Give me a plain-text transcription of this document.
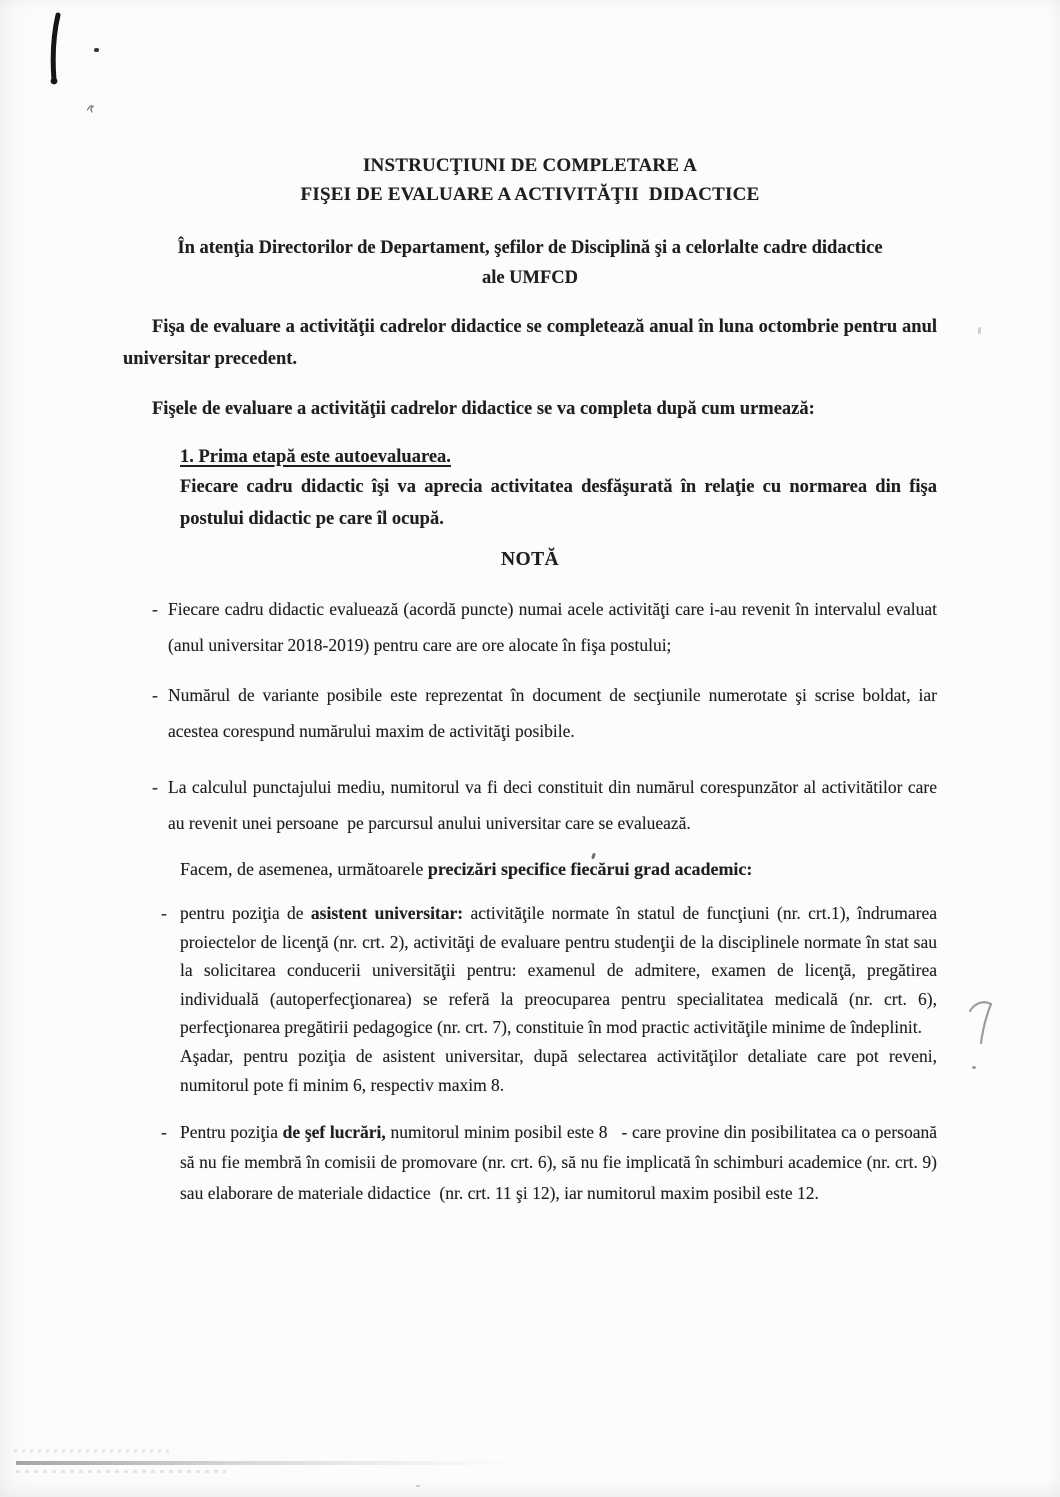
INSTRUCŢIUNI DE COMPLETARE A
FIŞEI DE EVALUARE A ACTIVITĂŢII  DIDACTICE
În atenţia Directorilor de Departament, şefilor de Disciplină şi a celorlalte cadre didactice
ale UMFCD

Fişa de evaluare a activităţii cadrelor didactice se completează anual în luna octombrie pentru anul universitar precedent.

Fişele de evaluare a activităţii cadrelor didactice se va completa după cum urmează:

1. Prima etapă este autoevaluarea.

Fiecare cadru didactic îşi va aprecia activitatea desfăşurată în relaţie cu normarea din fişa postului didactic pe care îl ocupă.

NOTĂ
- Fiecare cadru didactic evaluează (acordă puncte) numai acele activităţi care i-au revenit în intervalul evaluat (anul universitar 2018-2019) pentru care are ore alocate în fişa postului;
- Numărul de variante posibile este reprezentat în document de secţiunile numerotate şi scrise boldat, iar acestea corespund numărului maxim de activităţi posibile.
- La calculul punctajului mediu, numitorul va fi deci constituit din numărul corespunzător al activitătilor care au revenit unei persoane  pe parcursul anului universitar care se evaluează.
Facem, de asemenea, următoarele precizări specifice fiecărui grad academic:
- pentru poziţia de asistent universitar: activităţile normate în statul de funcţiuni (nr. crt.1), îndrumarea proiectelor de licenţă (nr. crt. 2), activităţi de evaluare pentru studenţii de la disciplinele normate în stat sau la solicitarea conducerii universităţii pentru: examenul de admitere, examen de licenţă, pregătirea individuală (autoperfecţionarea) se referă la preocuparea pentru specialitatea medicală (nr. crt. 6), perfecţionarea pregătirii pedagogice (nr. crt. 7), constituie în mod practic activităţile minime de îndeplinit.
Aşadar, pentru poziţia de asistent universitar, după selectarea activităţilor detaliate care pot reveni, numitorul pote fi minim 6, respectiv maxim 8.
- Pentru poziţia de şef lucrări, numitorul minim posibil este 8   - care provine din posibilitatea ca o persoană să nu fie membră în comisii de promovare (nr. crt. 6), să nu fie implicată în schimburi academice (nr. crt. 9) sau elaborare de materiale didactice  (nr. crt. 11 şi 12), iar numitorul maxim posibil este 12.
